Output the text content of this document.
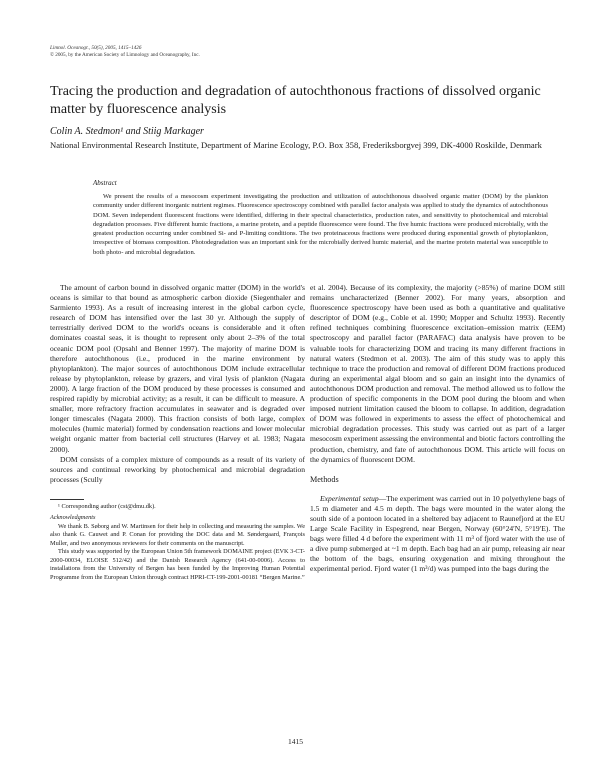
Limnol. Oceanogr., 50(5), 2005, 1415–1426
© 2005, by the American Society of Limnology and Oceanography, Inc.
Tracing the production and degradation of autochthonous fractions of dissolved organic matter by fluorescence analysis
Colin A. Stedmon¹ and Stiig Markager
National Environmental Research Institute, Department of Marine Ecology, P.O. Box 358, Frederiksborgvej 399, DK-4000 Roskilde, Denmark
Abstract

We present the results of a mesocosm experiment investigating the production and utilization of autochthonous dissolved organic matter (DOM) by the plankton community under different inorganic nutrient regimes. Fluorescence spectroscopy combined with parallel factor analysis was applied to study the dynamics of autochthonous DOM. Seven independent fluorescent fractions were identified, differing in their spectral characteristics, production rates, and sensitivity to photochemical and microbial degradation processes. Five different humic fractions, a marine protein, and a peptide fluorescence were found. The five humic fractions were produced microbially, with the greatest production occurring under combined Si- and P-limiting conditions. The two proteinaceous fractions were produced during exponential growth of phytoplankton, irrespective of biomass composition. Photodegradation was an important sink for the microbially derived humic material, and the marine protein material was susceptible to both photo- and microbial degradation.

The amount of carbon bound in dissolved organic matter (DOM) in the world's oceans is similar to that bound as atmospheric carbon dioxide (Siegenthaler and Sarmiento 1993). As a result of increasing interest in the global carbon cycle, research of DOM has intensified over the last 30 yr. Although the supply of terrestrially derived DOM to the world's oceans is considerable and it often dominates coastal seas, it is thought to represent only about 2–3% of the total oceanic DOM pool (Opsahl and Benner 1997). The majority of marine DOM is therefore autochthonous (i.e., produced in the marine environment by phytoplankton). The major sources of autochthonous DOM include extracellular release by phytoplankton, release by grazers, and viral lysis of plankton (Nagata 2000). A large fraction of the DOM produced by these processes is consumed and respired rapidly by microbial activity; as a result, it can be difficult to measure. A smaller, more refractory fraction accumulates in seawater and is degraded over longer timescales (Nagata 2000). This fraction consists of both large, complex molecules (humic material) formed by condensation reactions and lower molecular weight organic matter from bacterial cell structures (Harvey et al. 1983; Nagata 2000).

DOM consists of a complex mixture of compounds as a result of its variety of sources and continual reworking by photochemical and microbial degradation processes (Scully

¹ Corresponding author (cst@dmu.dk).

Acknowledgments

We thank B. Søborg and W. Martinsen for their help in collecting and measuring the samples. We also thank G. Cauwet and P. Conan for providing the DOC data and M. Søndergaard, François Muller, and two anonymous reviewers for their comments on the manuscript.

This study was supported by the European Union 5th framework DOMAINE project (EVK 3-CT-2000-00034, ELOISE 512/42) and the Danish Research Agency (641-00-0006). Access to installations from the University of Bergen has been funded by the Improving Human Potential Programme from the European Union through contract HPRI-CT-199-2001-00181 “Bergen Marine.”

et al. 2004). Because of its complexity, the majority (>85%) of marine DOM still remains uncharacterized (Benner 2002). For many years, absorption and fluorescence spectroscopy have been used as both a quantitative and qualitative descriptor of DOM (e.g., Coble et al. 1990; Mopper and Schultz 1993). Recently refined techniques combining fluorescence excitation–emission matrix (EEM) spectroscopy and parallel factor (PARAFAC) data analysis have proven to be valuable tools for characterizing DOM and tracing its many different fractions in natural waters (Stedmon et al. 2003). The aim of this study was to apply this technique to trace the production and removal of different DOM fractions produced during an experimental algal bloom and so gain an insight into the dynamics of autochthonous DOM production and removal. The method allowed us to follow the production of specific components in the DOM pool during the bloom and when imposed nutrient limitation caused the bloom to collapse. In addition, degradation of DOM was followed in experiments to assess the effect of photochemical and microbial degradation processes. This study was carried out as part of a larger mesocosm experiment assessing the environmental and biotic factors controlling the production, chemistry, and fate of autochthonous DOM. This article will focus on the dynamics of fluorescent DOM.

Methods

Experimental setup—The experiment was carried out in 10 polyethylene bags of 1.5 m diameter and 4.5 m depth. The bags were mounted in the water along the south side of a pontoon located in a sheltered bay adjacent to Raunefjord at the EU Large Scale Facility in Espegrend, near Bergen, Norway (60°24′N, 5°19′E). The bags were filled 4 d before the experiment with 11 m³ of fjord water with the use of a dive pump submerged at ~1 m depth. Each bag had an air pump, releasing air near the bottom of the bags, ensuring oxygenation and mixing throughout the experimental period. Fjord water (1 m³/d) was pumped into the bags during the

1415
